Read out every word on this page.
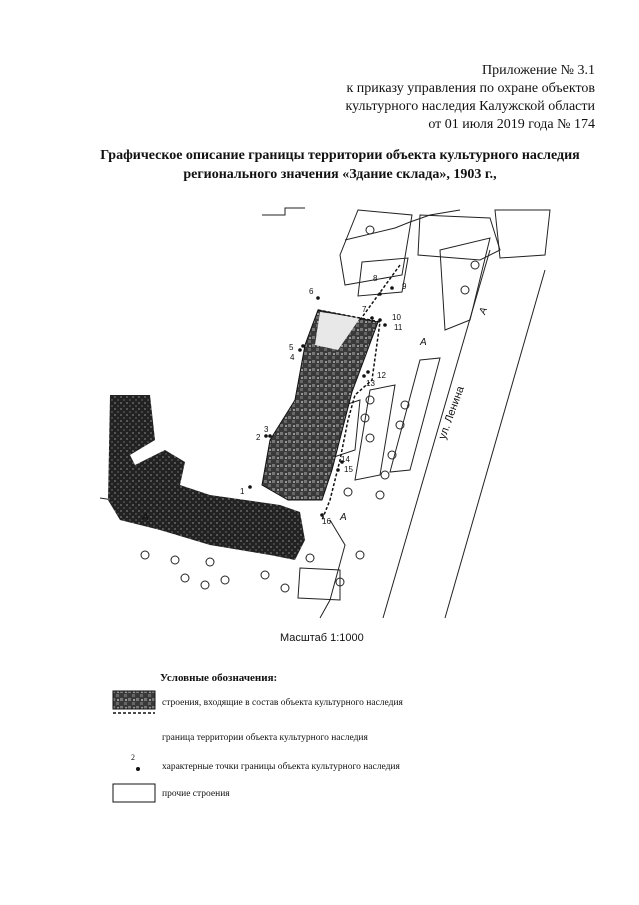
Приложение № 3.1
к приказу управления по охране объектов
культурного наследия Калужской области
от 01 июля 2019 года № 174
Графическое описание границы территории объекта культурного наследия
регионального значения «Здание склада», 1903 г.,
1
2
3
4
5
6
7
8
9
10
11
12
13
14
15
16
A
A	A
A
ул. Ленина
Масштаб 1:1000
Условные обозначения:
строения, входящие в состав объекта культурного наследия
граница территории объекта культурного наследия
2
характерные точки границы объекта культурного наследия
прочие строения
